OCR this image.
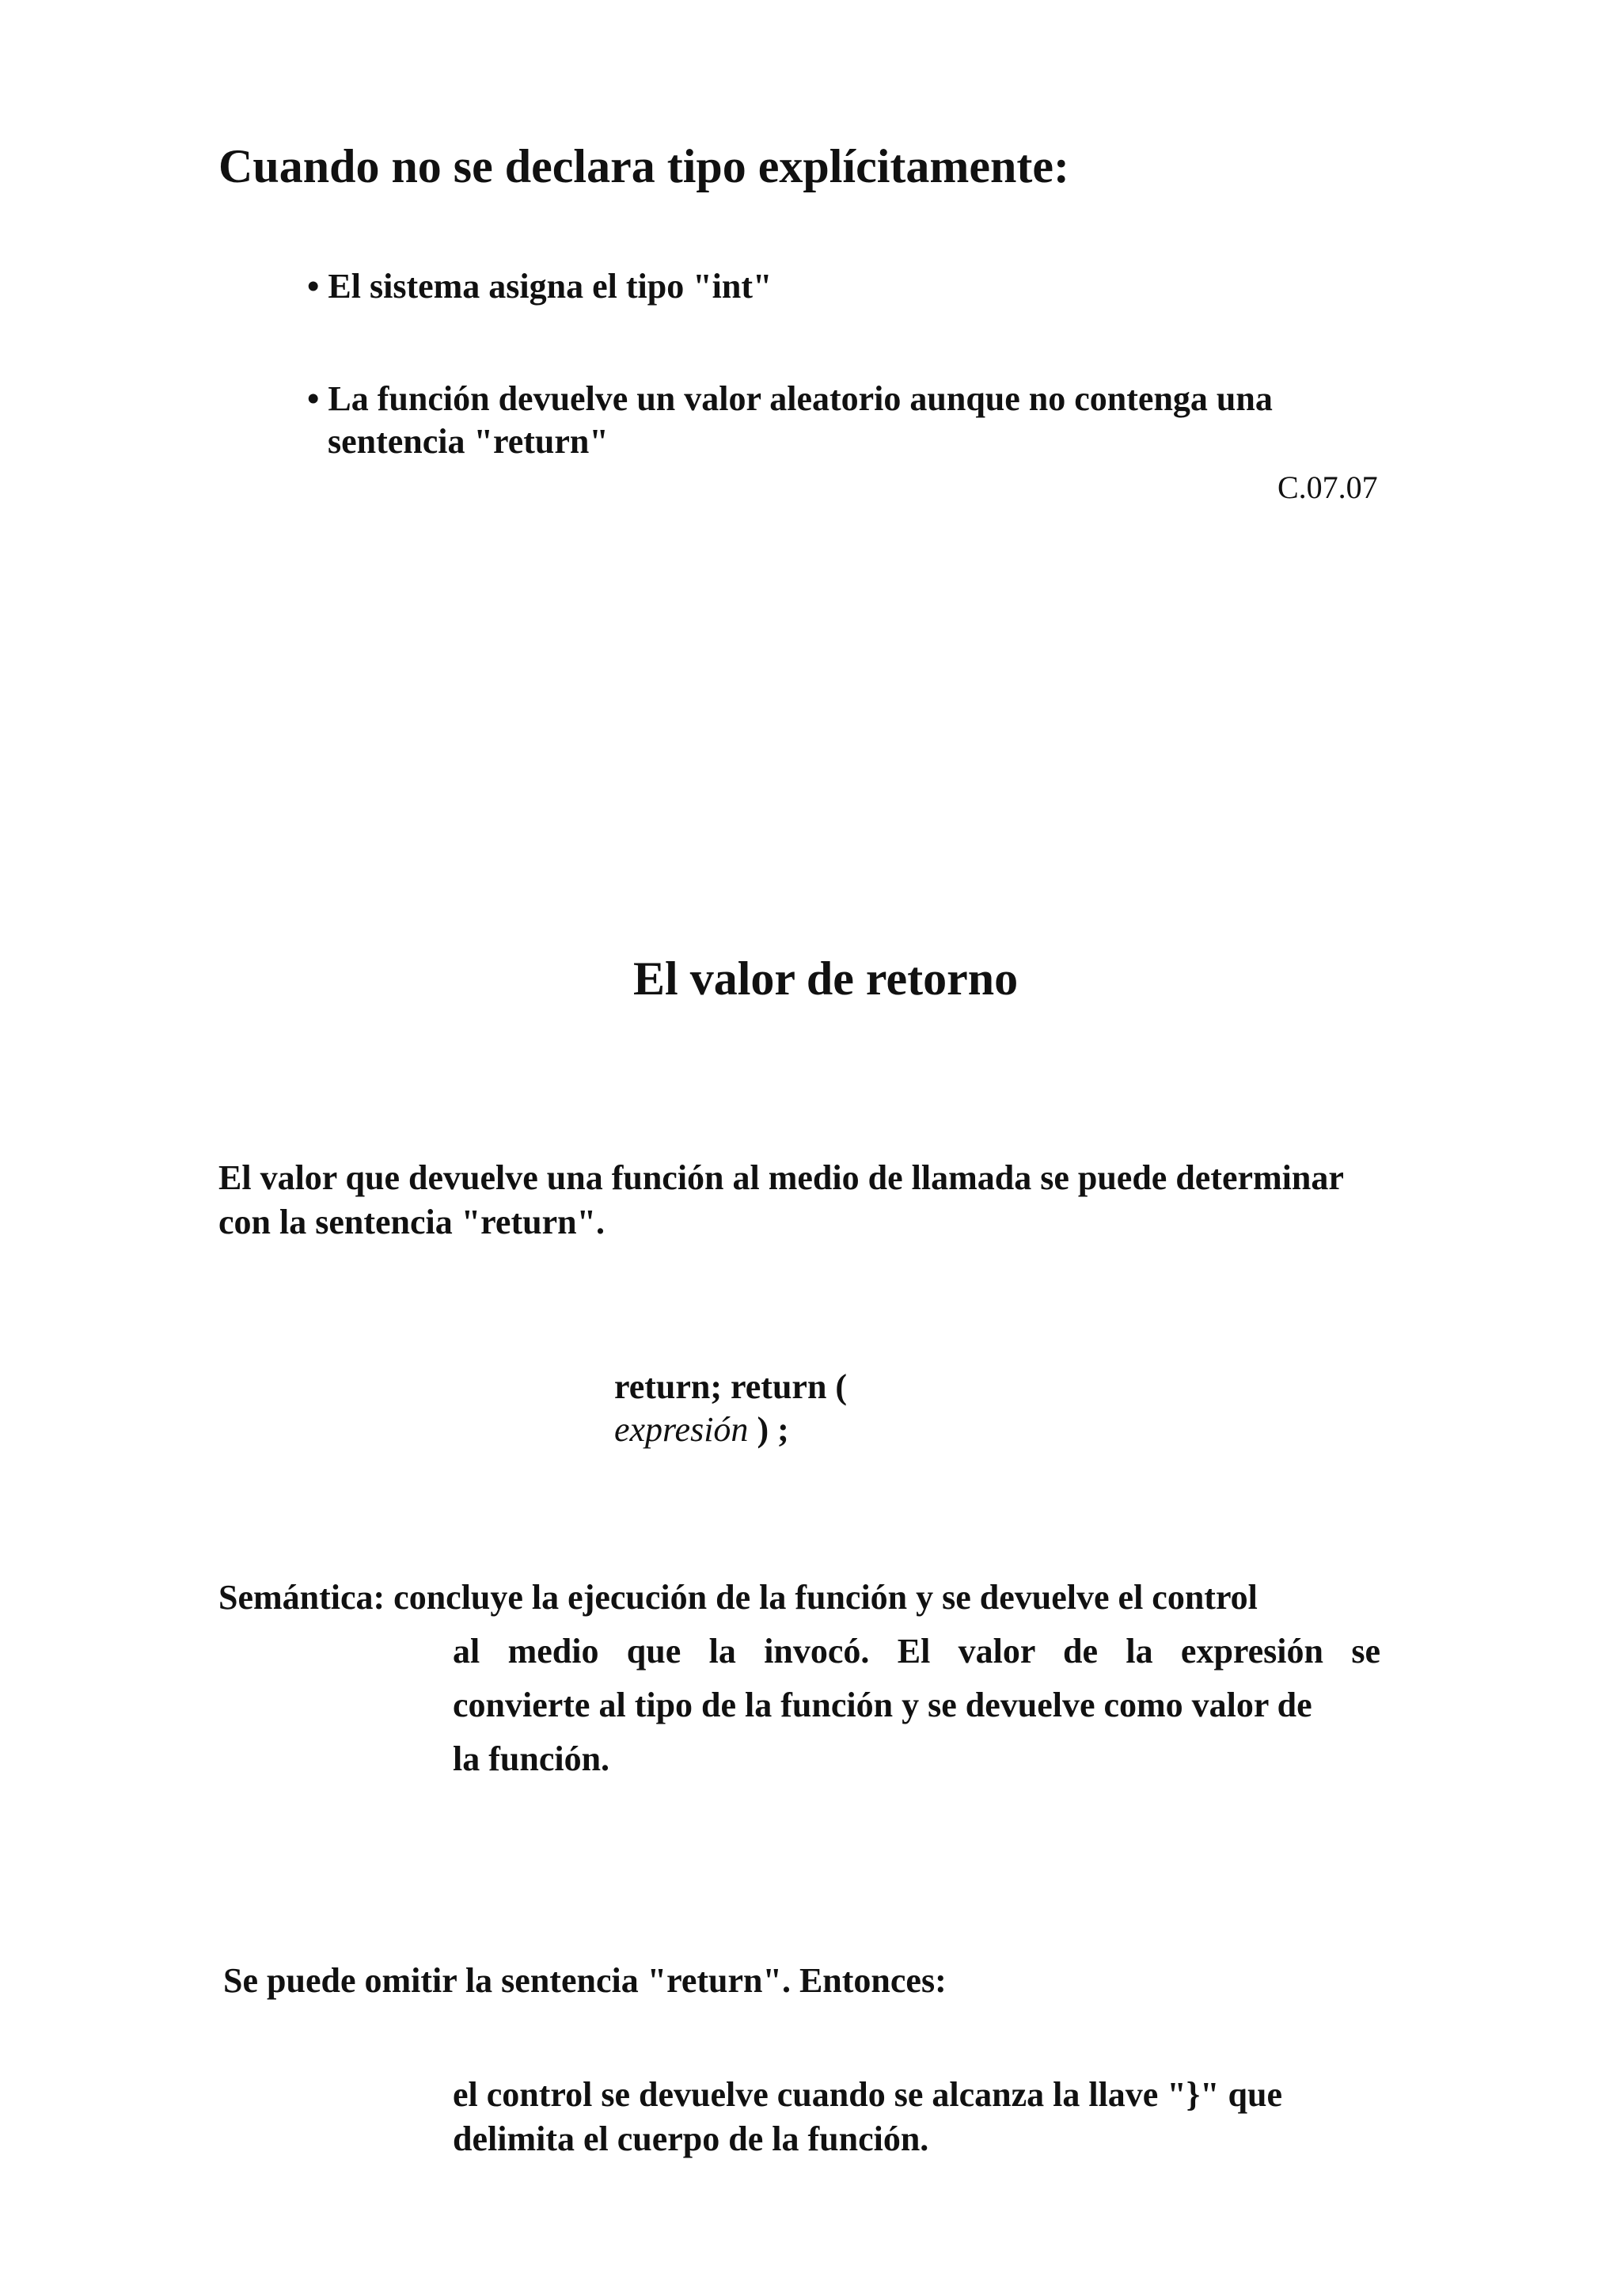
Cuando no se declara tipo explícitamente:
• El sistema asigna el tipo "int"
• La función devuelve un valor aleatorio aunque no contenga una
sentencia "return"
C.07.07
El valor de retorno
El valor que devuelve una función al medio de llamada se puede determinar
con la sentencia "return".
return; return (
expresión ) ;
Semántica: concluye la ejecución de la función y se devuelve el control
al medio que la invocó. El valor de la expresión se
convierte al tipo de la función y se devuelve como valor de
la función.
Se puede omitir la sentencia "return". Entonces:
el control se devuelve cuando se alcanza la llave "}" que
delimita el cuerpo de la función.
